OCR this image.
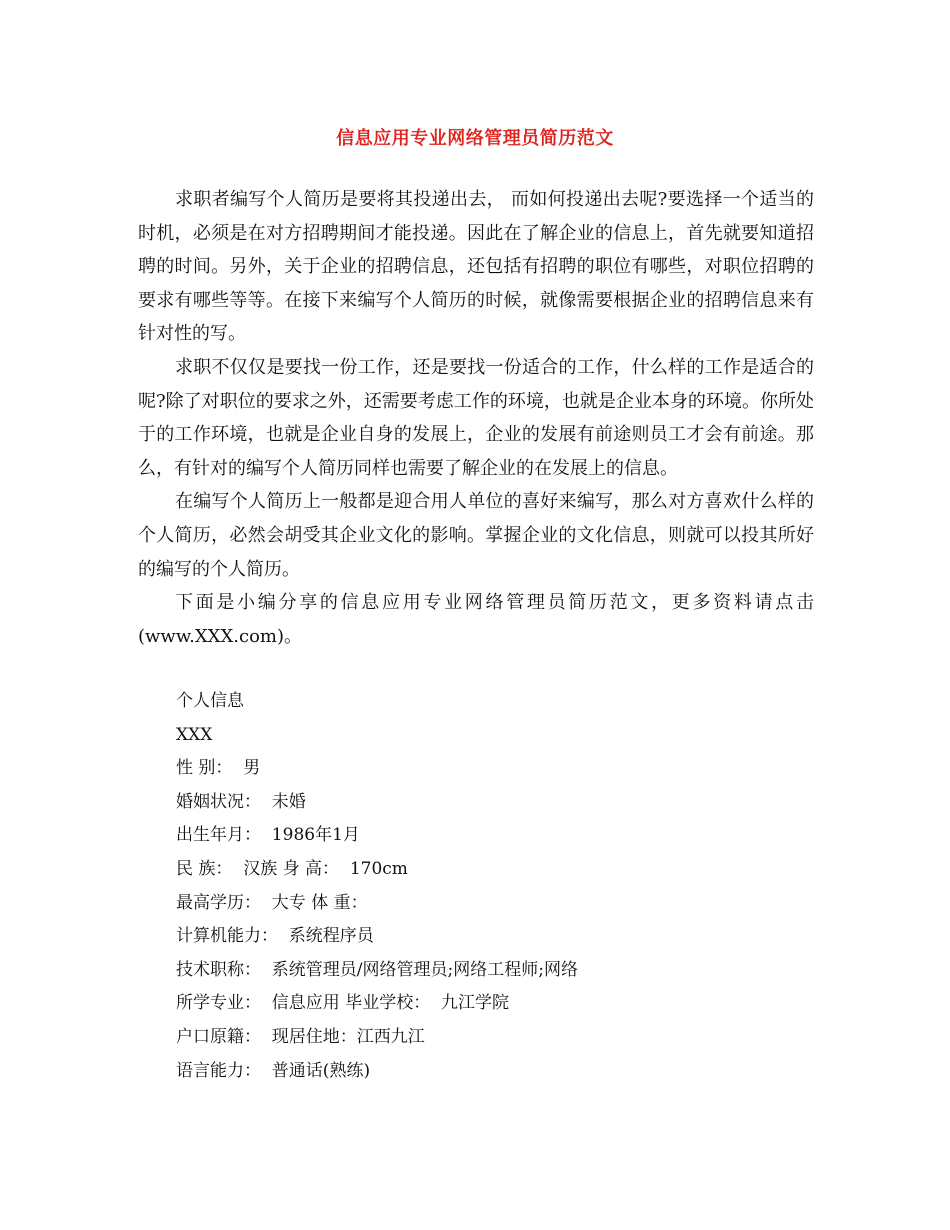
信息应用专业网络管理员简历范文

求职者编写个人简历是要将其投递出去， 而如何投递出去呢?要选择一个适当的时机，必须是在对方招聘期间才能投递。因此在了解企业的信息上，首先就要知道招聘的时间。另外，关于企业的招聘信息，还包括有招聘的职位有哪些，对职位招聘的要求有哪些等等。在接下来编写个人简历的时候，就像需要根据企业的招聘信息来有针对性的写。

求职不仅仅是要找一份工作，还是要找一份适合的工作，什么样的工作是适合的呢?除了对职位的要求之外，还需要考虑工作的环境，也就是企业本身的环境。你所处于的工作环境，也就是企业自身的发展上，企业的发展有前途则员工才会有前途。那么，有针对的编写个人简历同样也需要了解企业的在发展上的信息。

在编写个人简历上一般都是迎合用人单位的喜好来编写，那么对方喜欢什么样的个人简历，必然会胡受其企业文化的影响。掌握企业的文化信息，则就可以投其所好的编写的个人简历。

下面是小编分享的信息应用专业网络管理员简历范文，更多资料请点击(www.XXX.com)。

个人信息

XXX

性 别：  男

婚姻状况：  未婚

出生年月：  1986年1月

民 族：  汉族 身 高：  170cm

最高学历：  大专 体 重：

计算机能力：  系统程序员

技术职称：  系统管理员/网络管理员;网络工程师;网络

所学专业：  信息应用 毕业学校：  九江学院

户口原籍：  现居住地：江西九江

语言能力：  普通话(熟练)
